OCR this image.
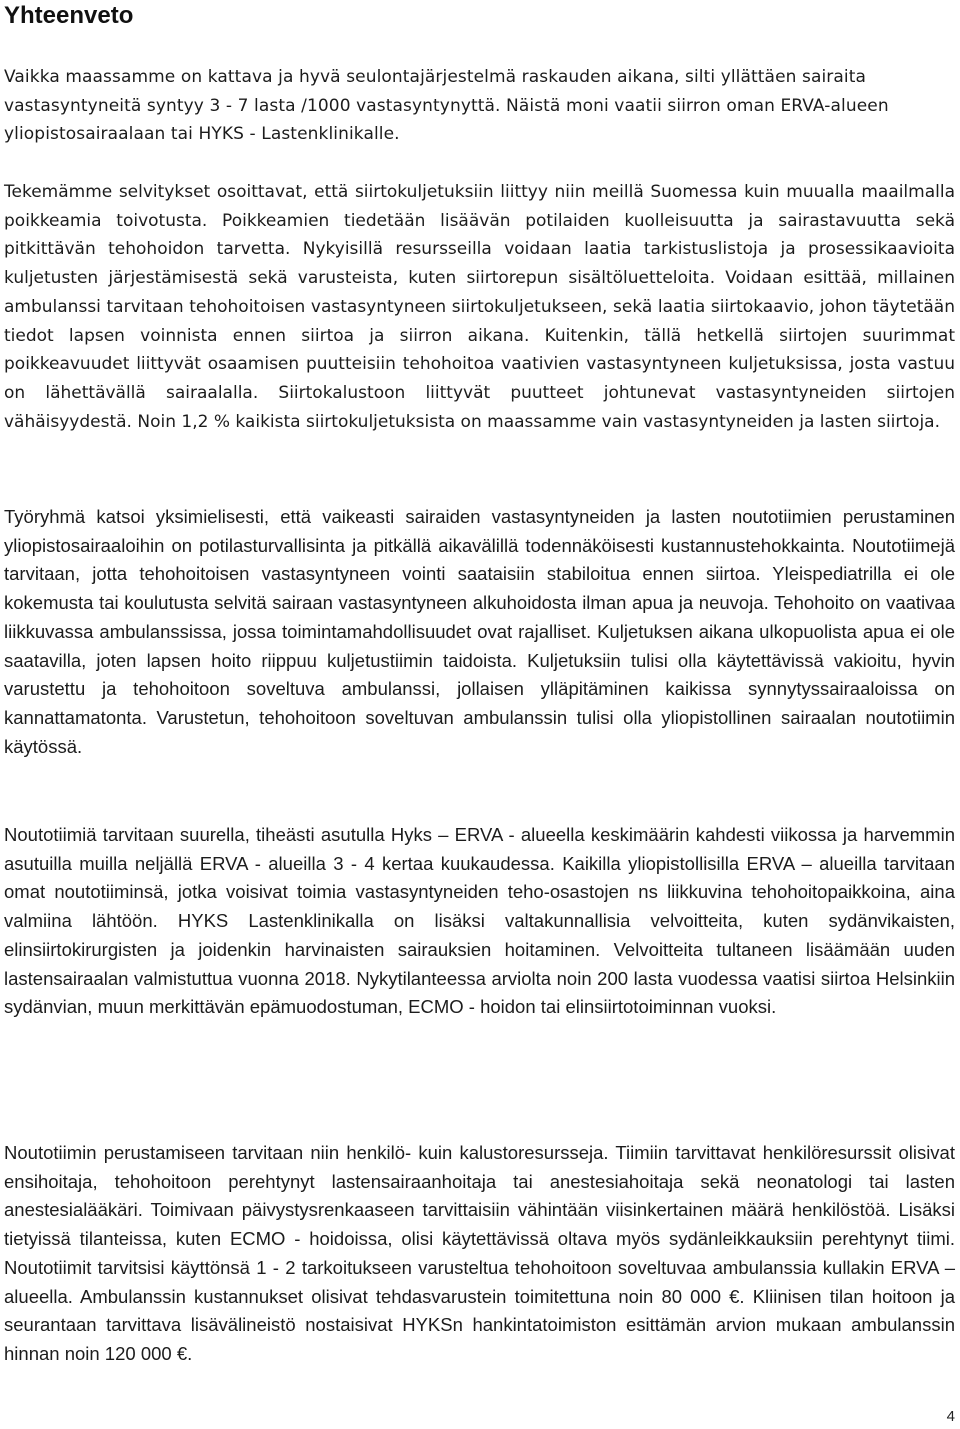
Yhteenveto

Vaikka maassamme on kattava ja hyvä seulontajärjestelmä raskauden aikana, silti yllättäen sairaita vastasyntyneitä syntyy 3 - 7 lasta /1000 vastasyntynyttä. Näistä moni vaatii siirron oman ERVA-alueen yliopistosairaalaan tai HYKS - Lastenklinikalle.

Tekemämme selvitykset osoittavat, että siirtokuljetuksiin liittyy niin meillä Suomessa kuin muualla maailmalla poikkeamia toivotusta. Poikkeamien tiedetään lisäävän potilaiden kuolleisuutta ja sairastavuutta sekä pitkittävän tehohoidon tarvetta. Nykyisillä resursseilla voidaan laatia tarkistuslistoja ja prosessikaavioita kuljetusten järjestämisestä sekä varusteista, kuten siirtorepun sisältöluetteloita. Voidaan esittää, millainen ambulanssi tarvitaan tehohoitoisen vastasyntyneen siirtokuljetukseen, sekä laatia siirtokaavio, johon täytetään tiedot lapsen voinnista ennen siirtoa ja siirron aikana. Kuitenkin, tällä hetkellä siirtojen suurimmat poikkeavuudet liittyvät osaamisen puutteisiin tehohoitoa vaativien vastasyntyneen kuljetuksissa, josta vastuu on lähettävällä sairaalalla. Siirtokalustoon liittyvät puutteet johtunevat vastasyntyneiden siirtojen vähäisyydestä. Noin 1,2 % kaikista siirtokuljetuksista on maassamme vain vastasyntyneiden ja lasten siirtoja.

Työryhmä katsoi yksimielisesti, että vaikeasti sairaiden vastasyntyneiden ja lasten noutotiimien perustaminen yliopistosairaaloihin on potilasturvallisinta ja pitkällä aikavälillä todennäköisesti kustannustehokkainta. Noutotiimejä tarvitaan, jotta tehohoitoisen vastasyntyneen vointi saataisiin stabiloitua ennen siirtoa. Yleispediatrilla ei ole kokemusta tai koulutusta selvitä sairaan vastasyntyneen alkuhoidosta ilman apua ja neuvoja. Tehohoito on vaativaa liikkuvassa ambulanssissa, jossa toimintamahdollisuudet ovat rajalliset. Kuljetuksen aikana ulkopuolista apua ei ole saatavilla, joten lapsen hoito riippuu kuljetustiimin taidoista. Kuljetuksiin tulisi olla käytettävissä vakioitu, hyvin varustettu ja tehohoitoon soveltuva ambulanssi, jollaisen ylläpitäminen kaikissa synnytyssairaaloissa on kannattamatonta. Varustetun, tehohoitoon soveltuvan ambulanssin tulisi olla yliopistollinen sairaalan noutotiimin käytössä.

Noutotiimiä tarvitaan suurella, tiheästi asutulla Hyks – ERVA - alueella keskimäärin kahdesti viikossa ja harvemmin asutuilla muilla neljällä ERVA - alueilla 3 - 4 kertaa kuukaudessa. Kaikilla yliopistollisilla ERVA – alueilla tarvitaan omat noutotiiminsä, jotka voisivat toimia vastasyntyneiden teho-osastojen ns liikkuvina tehohoitopaikkoina, aina valmiina lähtöön. HYKS Lastenklinikalla on lisäksi valtakunnallisia velvoitteita, kuten sydänvikaisten, elinsiirtokirurgisten ja joidenkin harvinaisten sairauksien hoitaminen. Velvoitteita tultaneen lisäämään uuden lastensairaalan valmistuttua vuonna 2018. Nykytilanteessa arviolta noin 200 lasta vuodessa vaatisi siirtoa Helsinkiin sydänvian, muun merkittävän epämuodostuman, ECMO - hoidon tai elinsiirtotoiminnan vuoksi.

Noutotiimin perustamiseen tarvitaan niin henkilö- kuin kalustoresursseja. Tiimiin tarvittavat henkilöresurssit olisivat ensihoitaja, tehohoitoon perehtynyt lastensairaanhoitaja tai anestesiahoitaja sekä neonatologi tai lasten anestesialääkäri. Toimivaan päivystysrenkaaseen tarvittaisiin vähintään viisinkertainen määrä henkilöstöä. Lisäksi tietyissä tilanteissa, kuten ECMO - hoidoissa, olisi käytettävissä oltava myös sydänleikkauksiin perehtynyt tiimi. Noutotiimit tarvitsisi käyttönsä 1 - 2 tarkoitukseen varusteltua tehohoitoon soveltuvaa ambulanssia kullakin ERVA – alueella. Ambulanssin kustannukset olisivat tehdasvarustein toimitettuna noin 80 000 €. Kliinisen tilan hoitoon ja seurantaan tarvittava lisävälineistö nostaisivat HYKSn hankintatoimiston esittämän arvion mukaan ambulanssin hinnan noin 120 000 €.

4
